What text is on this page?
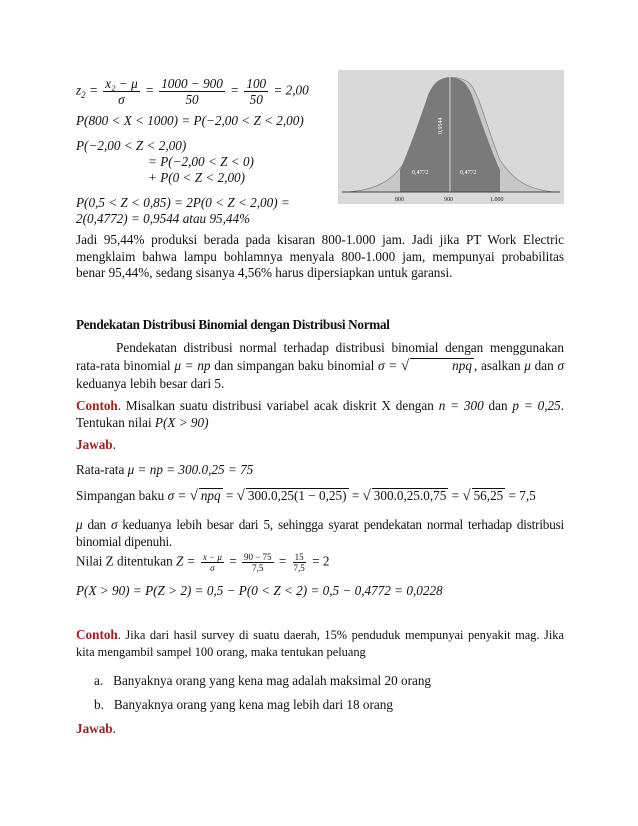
$z_2 = \frac{\text{x₂ − μ}}{\sigma} = \frac{1000 - 900}{50} = \frac{100}{50} = 2,00$
P(800 < X < 1000) = P(−2,00 < Z < 2,00)
P(−2,00 < Z < 2,00)
= P(−2,00 < Z < 0)
+ P(0 < Z < 2,00)
P(0,5 < Z < 0,85) = 2P(0 < Z < 2,00) =
2(0,4772) = 0,9544 atau 95,44%
0,9544
0,4772	0,4772
800	900	1.000
Jadi 95,44% produksi berada pada kisaran 800-1.000 jam. Jadi jika PT Work Electric mengklaim bahwa lampu bohlamnya menyala 800-1.000 jam, mempunyai probabilitas benar 95,44%, sedang sisanya 4,56% harus dipersiapkan untuk garansi.
Pendekatan Distribusi Binomial dengan Distribusi Normal
Pendekatan distribusi normal terhadap distribusi binomial dengan menggunakan rata-rata binomial μ = np dan simpangan baku binomial σ = √	npq , asalkan μ dan σ keduanya lebih besar dari 5.
Contoh. Misalkan suatu distribusi variabel acak diskrit X dengan n = 300 dan p = 0,25. Tentukan nilai P(X > 90)
Jawab.
Rata-rata μ = np = 300.0,25 = 75
Simpangan baku σ = √ npq = √ 300.0,25(1 − 0,25) = √ 300.0,25.0,75 = √ 56,25 = 7,5
μ dan σ keduanya lebih besar dari 5, sehingga syarat pendekatan normal terhadap distribusi binomial dipenuhi.
Nilai Z ditentukan $Z = \frac{x - \mu}{\sigma} = \frac{90 - 75}{7,5} = \frac{15}{7,5} = 2$
P(X > 90) = P(Z > 2) = 0,5 − P(0 < Z < 2) = 0,5 − 0,4772 = 0,0228
Contoh. Jika dari hasil survey di suatu daerah, 15% penduduk mempunyai penyakit mag. Jika kita mengambil sampel 100 orang, maka tentukan peluang
a. Banyaknya orang yang kena mag adalah maksimal 20 orang
b. Banyaknya orang yang kena mag lebih dari 18 orang
Jawab.
